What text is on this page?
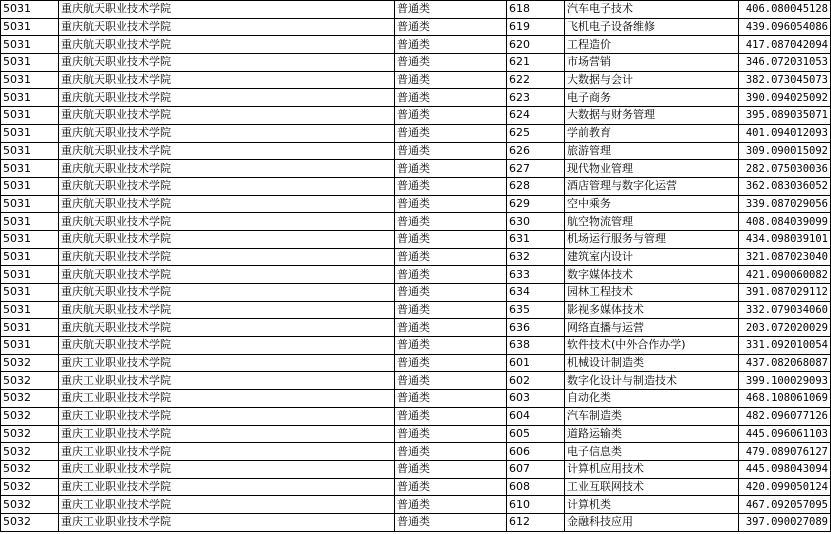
5031	重庆航天职业技术学院	普通类	618	汽车电子技术	406.080045128
5031	重庆航天职业技术学院	普通类	619	飞机电子设备维修	439.096054086
5031	重庆航天职业技术学院	普通类	620	工程造价	417.087042094
5031	重庆航天职业技术学院	普通类	621	市场营销	346.072031053
5031	重庆航天职业技术学院	普通类	622	大数据与会计	382.073045073
5031	重庆航天职业技术学院	普通类	623	电子商务	390.094025092
5031	重庆航天职业技术学院	普通类	624	大数据与财务管理	395.089035071
5031	重庆航天职业技术学院	普通类	625	学前教育	401.094012093
5031	重庆航天职业技术学院	普通类	626	旅游管理	309.090015092
5031	重庆航天职业技术学院	普通类	627	现代物业管理	282.075030036
5031	重庆航天职业技术学院	普通类	628	酒店管理与数字化运营	362.083036052
5031	重庆航天职业技术学院	普通类	629	空中乘务	339.087029056
5031	重庆航天职业技术学院	普通类	630	航空物流管理	408.084039099
5031	重庆航天职业技术学院	普通类	631	机场运行服务与管理	434.098039101
5031	重庆航天职业技术学院	普通类	632	建筑室内设计	321.087023040
5031	重庆航天职业技术学院	普通类	633	数字媒体技术	421.090060082
5031	重庆航天职业技术学院	普通类	634	园林工程技术	391.087029112
5031	重庆航天职业技术学院	普通类	635	影视多媒体技术	332.079034060
5031	重庆航天职业技术学院	普通类	636	网络直播与运营	203.072020029
5031	重庆航天职业技术学院	普通类	638	软件技术(中外合作办学)	331.092010054
5032	重庆工业职业技术学院	普通类	601	机械设计制造类	437.082068087
5032	重庆工业职业技术学院	普通类	602	数字化设计与制造技术	399.100029093
5032	重庆工业职业技术学院	普通类	603	自动化类	468.108061069
5032	重庆工业职业技术学院	普通类	604	汽车制造类	482.096077126
5032	重庆工业职业技术学院	普通类	605	道路运输类	445.096061103
5032	重庆工业职业技术学院	普通类	606	电子信息类	479.089076127
5032	重庆工业职业技术学院	普通类	607	计算机应用技术	445.098043094
5032	重庆工业职业技术学院	普通类	608	工业互联网技术	420.099050124
5032	重庆工业职业技术学院	普通类	610	计算机类	467.092057095
5032	重庆工业职业技术学院	普通类	612	金融科技应用	397.090027089
